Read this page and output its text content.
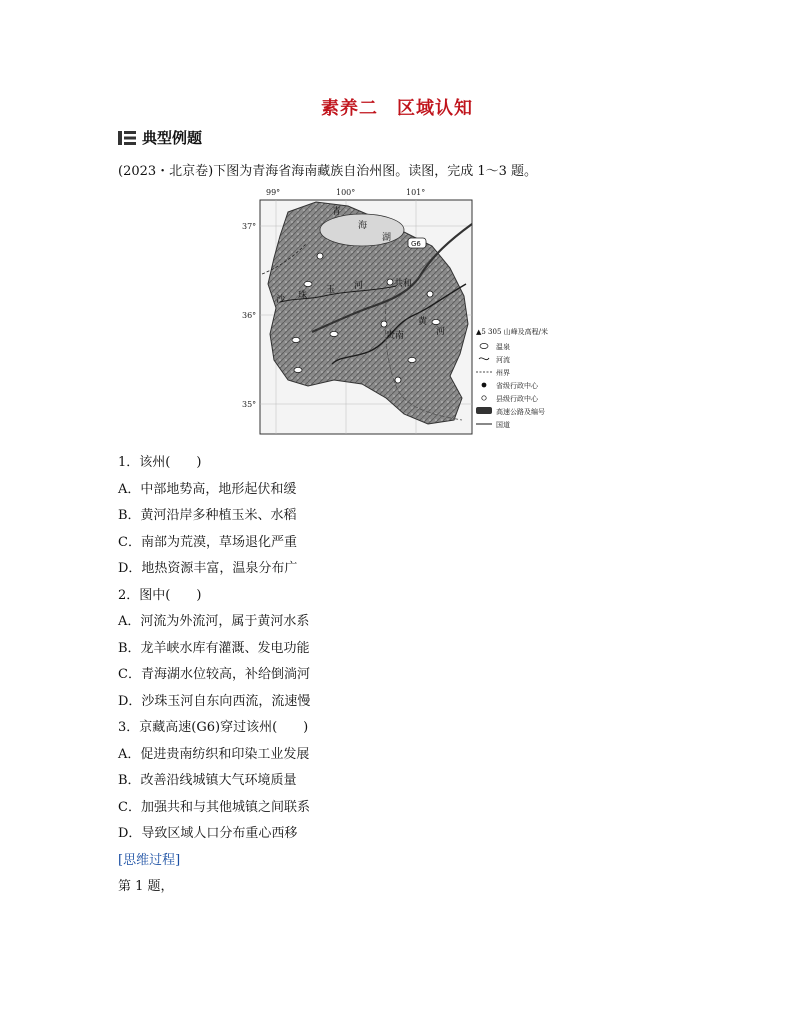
素养二　区域认知
典型例题
(2023・北京卷)下图为青海省海南藏族自治州图。读图，完成 1～3 题。
99°	100°	101°
37°
36°
35°
G6
青
海
湖
沙 珠
玉 河	共和
贵南
黄
河	▲5 305 山峰及高程/米
温泉
河流
州界
省级行政中心
县级行政中心
高速公路及编号
国道
1．该州(　　)
A．中部地势高，地形起伏和缓
B．黄河沿岸多种植玉米、水稻
C．南部为荒漠，草场退化严重
D．地热资源丰富，温泉分布广
2．图中(　　)
A．河流为外流河，属于黄河水系
B．龙羊峡水库有灌溉、发电功能
C．青海湖水位较高，补给倒淌河
D．沙珠玉河自东向西流，流速慢
3．京藏高速(G6)穿过该州(　　)
A．促进贵南纺织和印染工业发展
B．改善沿线城镇大气环境质量
C．加强共和与其他城镇之间联系
D．导致区域人口分布重心西移
[思维过程]
第 1 题，
